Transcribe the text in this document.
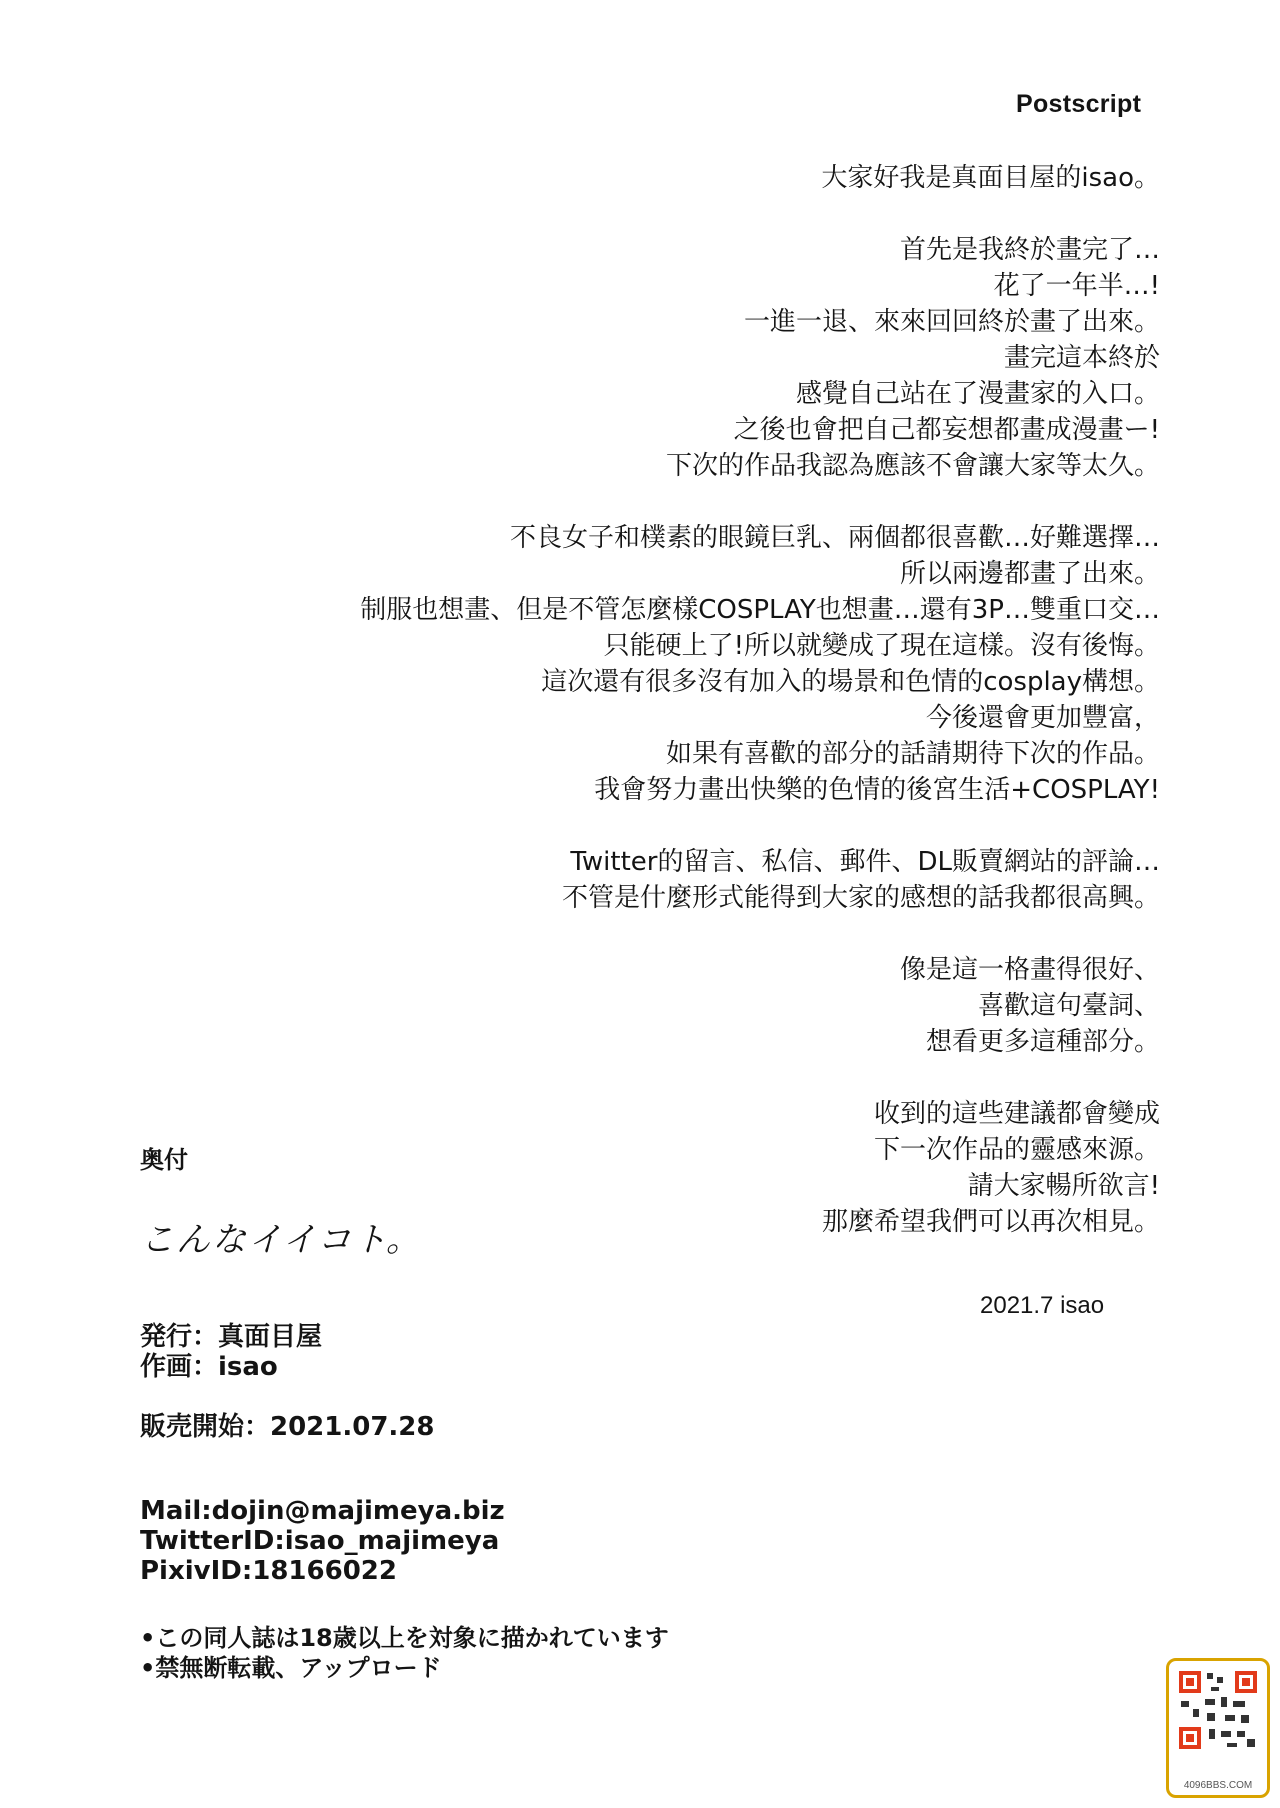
Postscript
大家好我是真面目屋的isao。
首先是我終於畫完了…
花了一年半…!
一進一退、來來回回終於畫了出來。
畫完這本終於
感覺自己站在了漫畫家的入口。
之後也會把自己都妄想都畫成漫畫ー!
下次的作品我認為應該不會讓大家等太久。
不良女子和樸素的眼鏡巨乳、兩個都很喜歡…好難選擇…
所以兩邊都畫了出來。
制服也想畫、但是不管怎麼樣COSPLAY也想畫…還有3P…雙重口交…
只能硬上了!所以就變成了現在這樣。沒有後悔。
這次還有很多沒有加入的場景和色情的cosplay構想。
今後還會更加豐富，
如果有喜歡的部分的話請期待下次的作品。
我會努力畫出快樂的色情的後宮生活+COSPLAY!
Twitter的留言、私信、郵件、DL販賣網站的評論…
不管是什麼形式能得到大家的感想的話我都很高興。
像是這一格畫得很好、
喜歡這句臺詞、
想看更多這種部分。
收到的這些建議都會變成
下一次作品的靈感來源。
請大家暢所欲言!
那麼希望我們可以再次相見。
2021.7 isao
奥付
こんなイイコト。
発行：真面目屋
作画：isao
販売開始：2021.07.28
Mail:dojin@majimeya.biz
TwitterID:isao_majimeya
PixivID:18166022
•この同人誌は18歳以上を対象に描かれています
•禁無断転載、アップロード
4096BBS.COM
